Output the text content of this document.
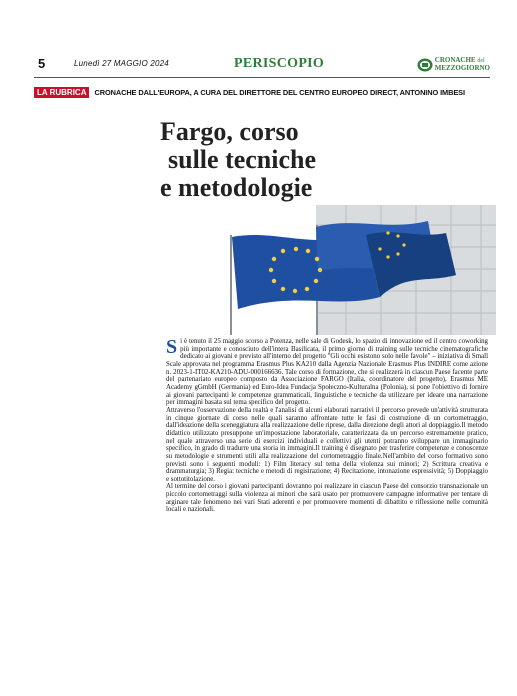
5	Lunedì 27 MAGGIO 2024	PERISCOPIO	CRONACHE del
MEZZOGIORNO
LA RUBRICA	CRONACHE DALL'EUROPA, A CURA DEL DIRETTORE DEL CENTRO EUROPEO DIRECT, ANTONINO IMBESI
Fargo, corso
sulle tecniche
e metodologie

Si è tenuto il 25 maggio scorso a Potenza, nelle sale di Godesk, lo spazio di innovazione ed il centro coworking più importante e conosciuto dell'intera Basilicata, il primo giorno di training sulle tecniche cinematografiche dedicato ai giovani e previsto all'interno del progetto "Gli occhi esistono solo nelle favole" – iniziativa di Small Scale approvata nel programma Erasmus Plus KA210 dalla Agenzia Nazionale Erasmus Plus INDIRE come azione n. 2023-1-IT02-KA210-ADU-000166636. Tale corso di formazione, che si realizzerà in ciascun Paese facente parte del partenariato europeo composto da Associazione FARGO (Italia, coordinatore del progetto), Erasmus ME Academy gGmbH (Germania) ed Euro-Idea Fundacja Społeczno-Kulturalna (Polonia), si pone l'obiettivo di fornire ai giovani partecipanti le competenze grammaticali, linguistiche e tecniche da utilizzare per ideare una narrazione per immagini basata sul tema specifico del progetto.

Attraverso l'osservazione della realtà e l'analisi di alcuni elaborati narrativi il percorso prevede un'attività strutturata in cinque giornate di corso nelle quali saranno affrontate tutte le fasi di costruzione di un cortometraggio, dall'ideazione della sceneggiatura alla realizzazione delle riprese, dalla direzione degli attori al doppiaggio.Il metodo didattico utilizzato presuppone un'impostazione laboratoriale, caratterizzata da un percorso estremamente pratico, nel quale attraverso una serie di esercizi individuali e collettivi gli utenti potranno sviluppare un immaginario specifico, in grado di tradurre una storia in immagini.Il training è disegnato per trasferire competenze e conoscenze su metodologie e strumenti utili alla realizzazione del cortometraggio finale.Nell'ambito del corso formativo sono previsti sono i seguenti moduli: 1) Film literacy sul tema della violenza sui minori; 2) Scrittura creativa e drammaturgia; 3) Regia: tecniche e metodi di registrazione; 4) Recitazione, intonazione espressività; 5) Doppiaggio e sottotitolazione.

Al termine del corso i giovani partecipanti dovranno poi realizzare in ciascun Paese del consorzio transnazionale un piccolo cortometraggi sulla violenza ai minori che sarà usato per promuovere campagne informative per tentare di arginare tale fenomeno nei vari Stati aderenti e per promuovere momenti di dibattito e riflessione nelle comunità locali e nazionali.
